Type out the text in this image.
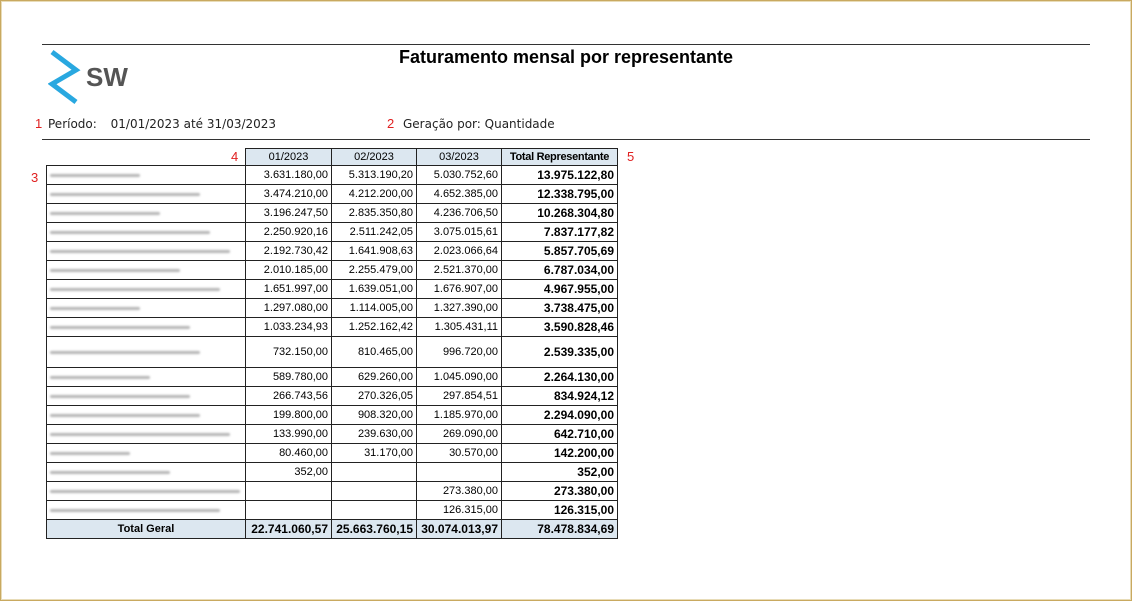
SW
Faturamento mensal por representante
1	2
3
4	5
Período: 01/01/2023 até 31/03/2023	Geração por: Quantidade
	01/2023	02/2023	03/2023	Total Representante
	3.631.180,00	5.313.190,20	5.030.752,60	13.975.122,80
	3.474.210,00	4.212.200,00	4.652.385,00	12.338.795,00
	3.196.247,50	2.835.350,80	4.236.706,50	10.268.304,80
	2.250.920,16	2.511.242,05	3.075.015,61	7.837.177,82
	2.192.730,42	1.641.908,63	2.023.066,64	5.857.705,69
	2.010.185,00	2.255.479,00	2.521.370,00	6.787.034,00
	1.651.997,00	1.639.051,00	1.676.907,00	4.967.955,00
	1.297.080,00	1.114.005,00	1.327.390,00	3.738.475,00
	1.033.234,93	1.252.162,42	1.305.431,11	3.590.828,46
	732.150,00	810.465,00	996.720,00	2.539.335,00
	589.780,00	629.260,00	1.045.090,00	2.264.130,00
	266.743,56	270.326,05	297.854,51	834.924,12
	199.800,00	908.320,00	1.185.970,00	2.294.090,00
	133.990,00	239.630,00	269.090,00	642.710,00
	80.460,00	31.170,00	30.570,00	142.200,00
	352,00			352,00
			273.380,00	273.380,00
			126.315,00	126.315,00
Total Geral	22.741.060,57	25.663.760,15	30.074.013,97	78.478.834,69
